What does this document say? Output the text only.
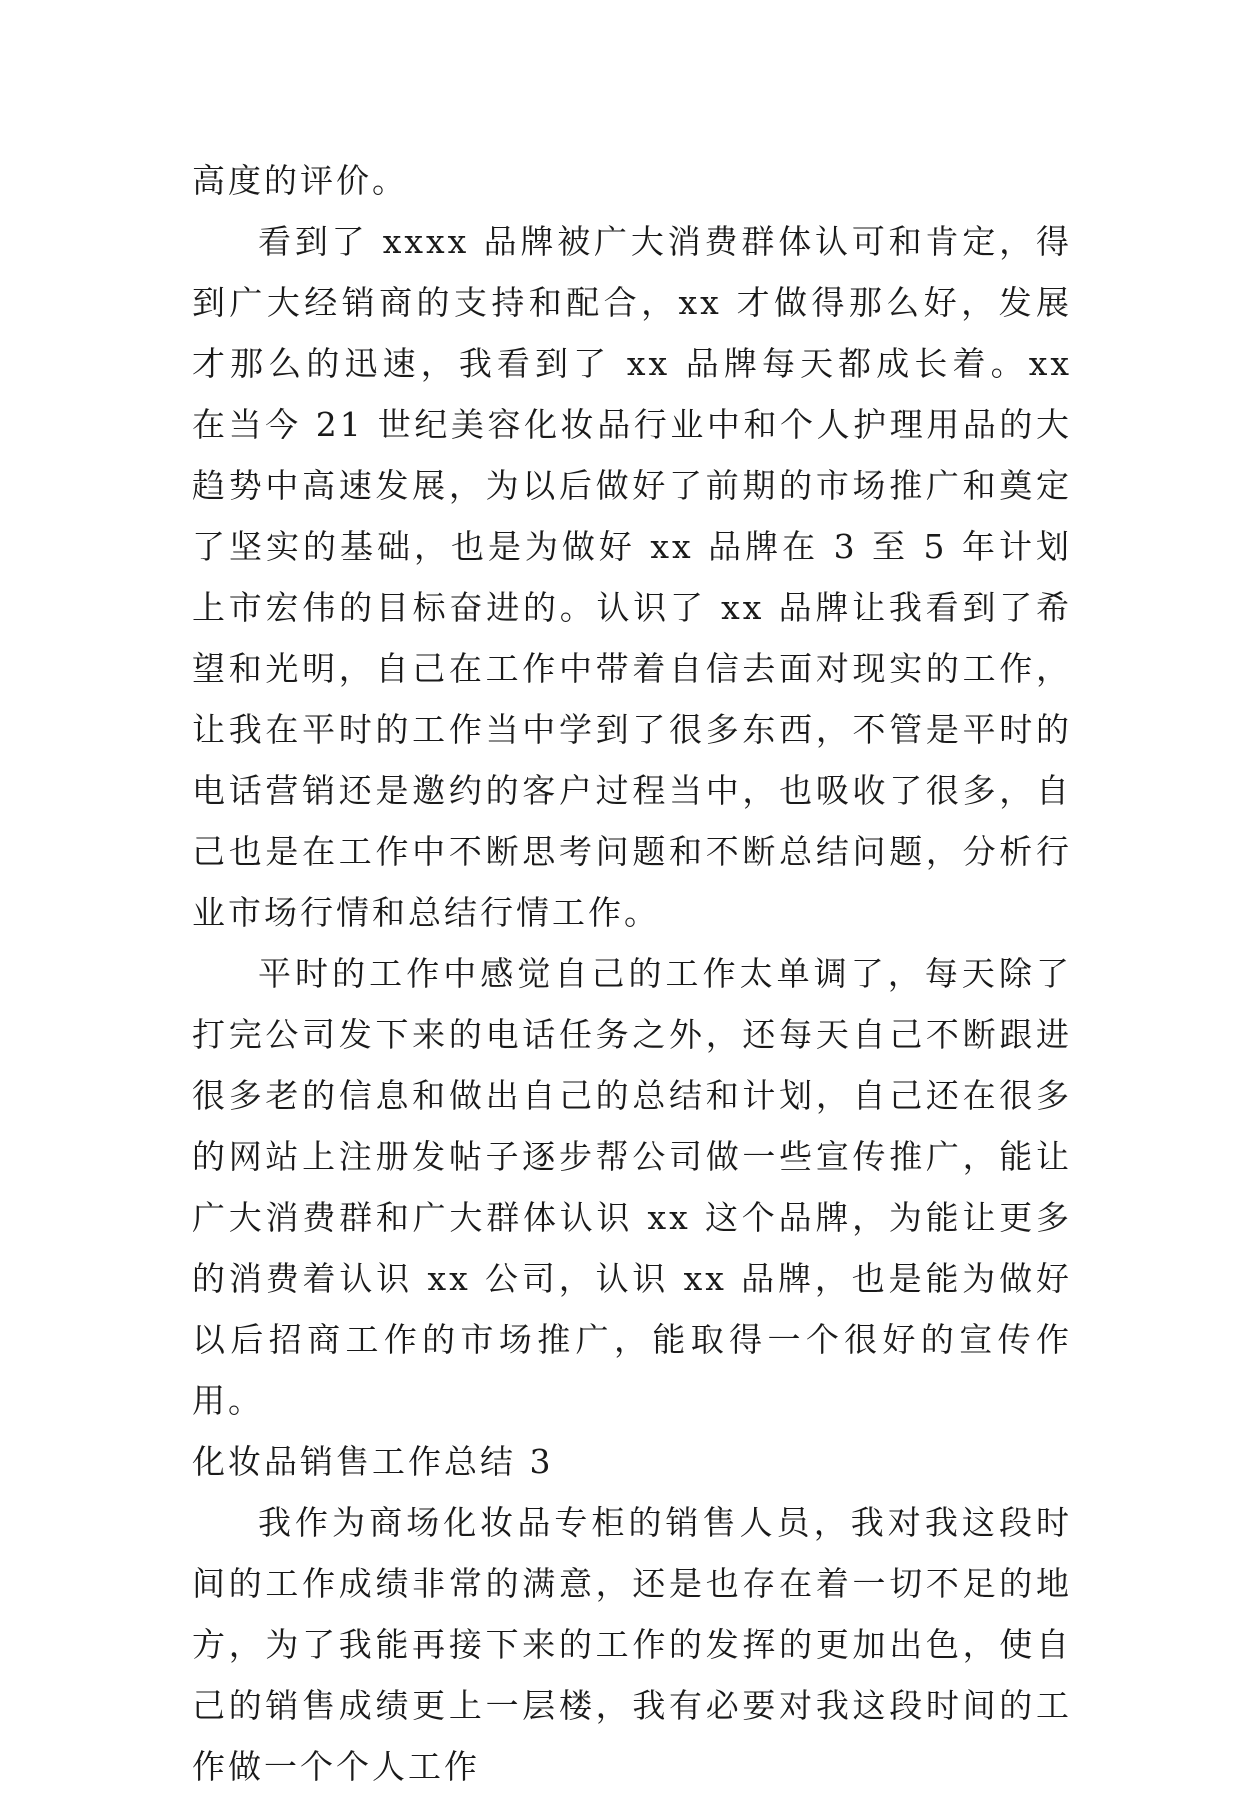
高度的评价。

看到了 xxxx 品牌被广大消费群体认可和肯定，得到广大经销商的支持和配合，xx 才做得那么好，发展才那么的迅速，我看到了 xx 品牌每天都成长着。xx 在当今 21 世纪美容化妆品行业中和个人护理用品的大趋势中高速发展，为以后做好了前期的市场推广和奠定了坚实的基础，也是为做好 xx 品牌在 3 至 5 年计划上市宏伟的目标奋进的。认识了 xx 品牌让我看到了希望和光明，自己在工作中带着自信去面对现实的工作，让我在平时的工作当中学到了很多东西，不管是平时的电话营销还是邀约的客户过程当中，也吸收了很多，自己也是在工作中不断思考问题和不断总结问题，分析行业市场行情和总结行情工作。

平时的工作中感觉自己的工作太单调了，每天除了打完公司发下来的电话任务之外，还每天自己不断跟进很多老的信息和做出自己的总结和计划，自己还在很多的网站上注册发帖子逐步帮公司做一些宣传推广，能让广大消费群和广大群体认识 xx 这个品牌，为能让更多的消费着认识 xx 公司，认识 xx 品牌，也是能为做好以后招商工作的市场推广，能取得一个很好的宣传作用。

化妆品销售工作总结 3

我作为商场化妆品专柜的销售人员，我对我这段时间的工作成绩非常的满意，还是也存在着一切不足的地方，为了我能再接下来的工作的发挥的更加出色，使自己的销售成绩更上一层楼，我有必要对我这段时间的工作做一个个人工作
